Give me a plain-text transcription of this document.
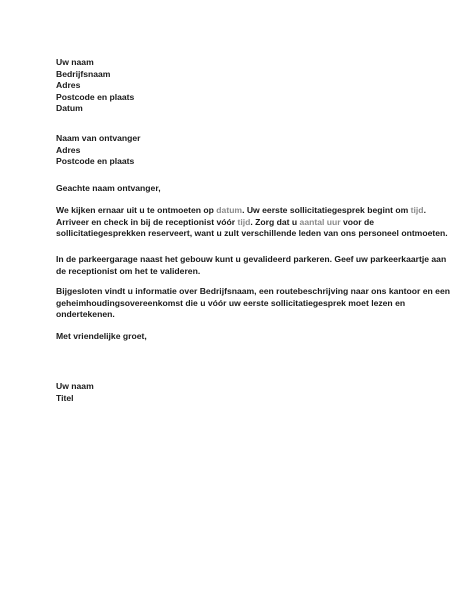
Uw naam
Bedrijfsnaam
Adres
Postcode en plaats
Datum
Naam van ontvanger
Adres
Postcode en plaats
Geachte naam ontvanger,
We kijken ernaar uit u te ontmoeten op datum. Uw eerste sollicitatiegesprek begint om tijd.
Arriveer en check in bij de receptionist vóór tijd. Zorg dat u aantal uur voor de
sollicitatiegesprekken reserveert, want u zult verschillende leden van ons personeel ontmoeten.
In de parkeergarage naast het gebouw kunt u gevalideerd parkeren. Geef uw parkeerkaartje aan
de receptionist om het te valideren.
Bijgesloten vindt u informatie over Bedrijfsnaam, een routebeschrijving naar ons kantoor en een
geheimhoudingsovereenkomst die u vóór uw eerste sollicitatiegesprek moet lezen en
ondertekenen.
Met vriendelijke groet,
Uw naam
Titel
